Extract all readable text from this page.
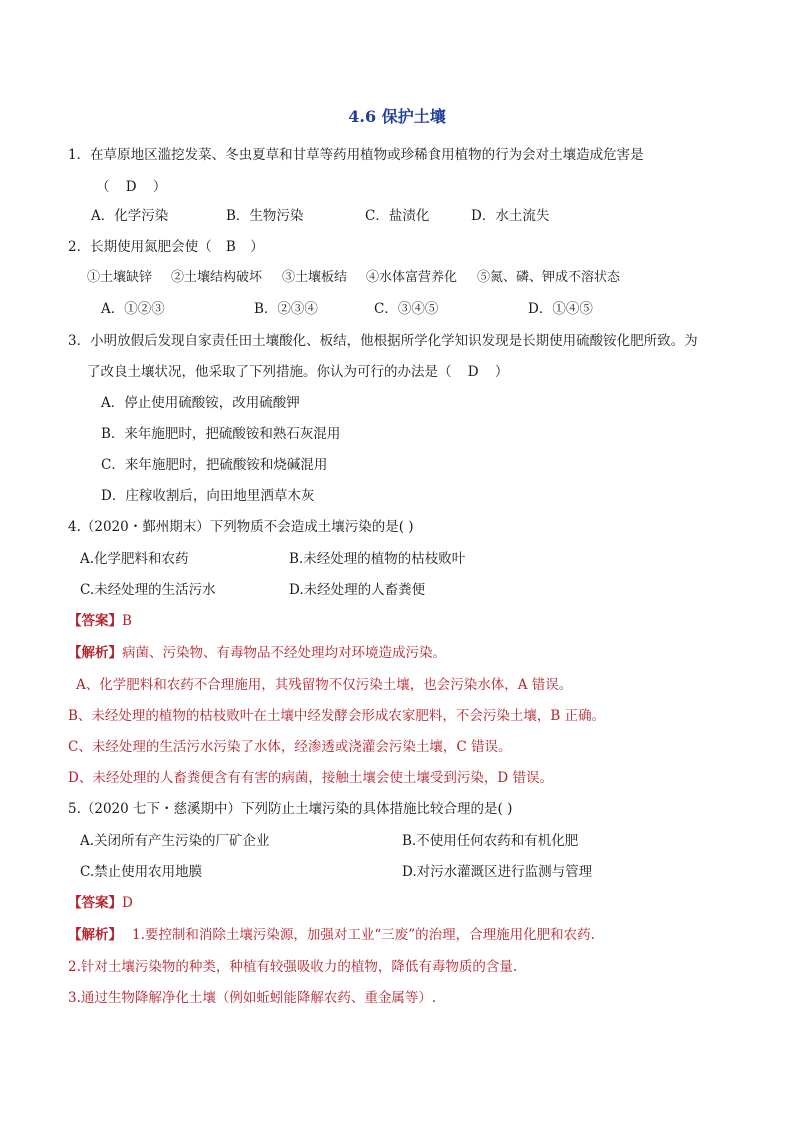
4.6 保护土壤
1．在草原地区滥挖发菜、冬虫夏草和甘草等药用植物或珍稀食用植物的行为会对土壤造成危害是
（ D ）
A．化学污染	B．生物污染	C．盐渍化	D．水土流失
2．长期使用氮肥会使（ B ）
①土壤缺锌 ②土壤结构破坏 ③土壤板结 ④水体富营养化 ⑤氮、磷、钾成不溶状态
A．①②③	B．②③④	C．③④⑤	D．①④⑤
3．小明放假后发现自家责任田土壤酸化、板结，他根据所学化学知识发现是长期使用硫酸铵化肥所致。为
了改良土壤状况，他采取了下列措施。你认为可行的办法是（ D ）
A．停止使用硫酸铵，改用硫酸钾
B．来年施肥时，把硫酸铵和熟石灰混用
C．来年施肥时，把硫酸铵和烧碱混用
D．庄稼收割后，向田地里洒草木灰
4.（2020・鄞州期末）下列物质不会造成土壤污染的是( )
A.化学肥料和农药	B.未经处理的植物的枯枝败叶
C.未经处理的生活污水	D.未经处理的人畜粪便
【答案】B
【解析】病菌、污染物、有毒物品不经处理均对环境造成污染。
A、化学肥料和农药不合理施用，其残留物不仅污染土壤，也会污染水体，A 错误。
B、未经处理的植物的枯枝败叶在土壤中经发酵会形成农家肥料，不会污染土壤，B 正确。
C、未经处理的生活污水污染了水体，经渗透或浇灌会污染土壤，C 错误。
D、未经处理的人畜粪便含有有害的病菌，接触土壤会使土壤受到污染，D 错误。
5.（2020 七下・慈溪期中）下列防止土壤污染的具体措施比较合理的是( )
A.关闭所有产生污染的厂矿企业	B.不使用任何农药和有机化肥
C.禁止使用农用地膜	D.对污水灌溉区进行监测与管理
【答案】D
【解析】 1.要控制和消除土壤污染源，加强对工业“三废”的治理，合理施用化肥和农药.
2.针对土壤污染物的种类，种植有较强吸收力的植物，降低有毒物质的含量.
3.通过生物降解净化土壤（例如蚯蚓能降解农药、重金属等）.
